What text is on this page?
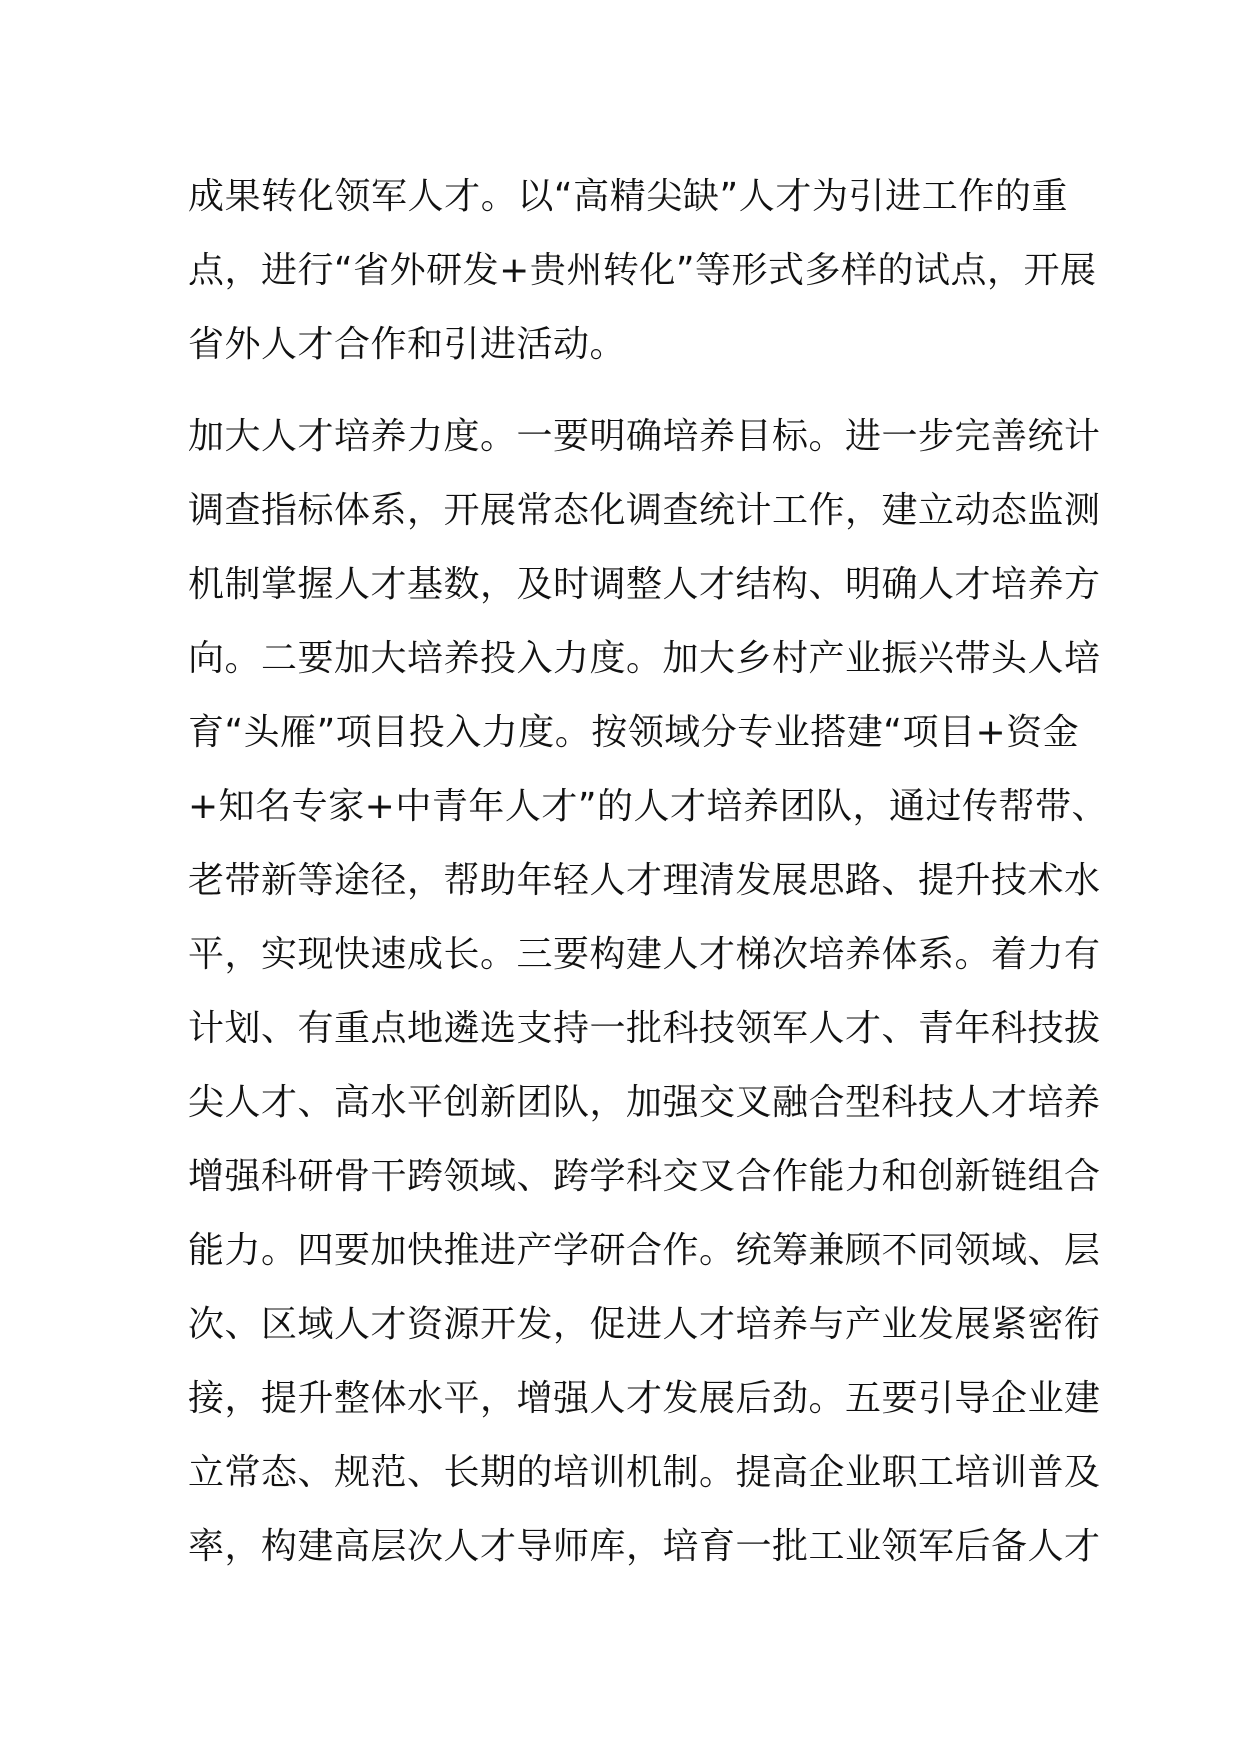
成果转化领军人才。以“高精尖缺”人才为引进工作的重
点，进行“省外研发+贵州转化”等形式多样的试点，开展
省外人才合作和引进活动。
加大人才培养力度。一要明确培养目标。进一步完善统计
调查指标体系，开展常态化调查统计工作，建立动态监测
机制掌握人才基数，及时调整人才结构、明确人才培养方
向。二要加大培养投入力度。加大乡村产业振兴带头人培
育“头雁”项目投入力度。按领域分专业搭建“项目+资金
+知名专家+中青年人才”的人才培养团队，通过传帮带、
老带新等途径，帮助年轻人才理清发展思路、提升技术水
平，实现快速成长。三要构建人才梯次培养体系。着力有
计划、有重点地遴选支持一批科技领军人才、青年科技拔
尖人才、高水平创新团队，加强交叉融合型科技人才培养
增强科研骨干跨领域、跨学科交叉合作能力和创新链组合
能力。四要加快推进产学研合作。统筹兼顾不同领域、层
次、区域人才资源开发，促进人才培养与产业发展紧密衔
接，提升整体水平，增强人才发展后劲。五要引导企业建
立常态、规范、长期的培训机制。提高企业职工培训普及
率，构建高层次人才导师库，培育一批工业领军后备人才
